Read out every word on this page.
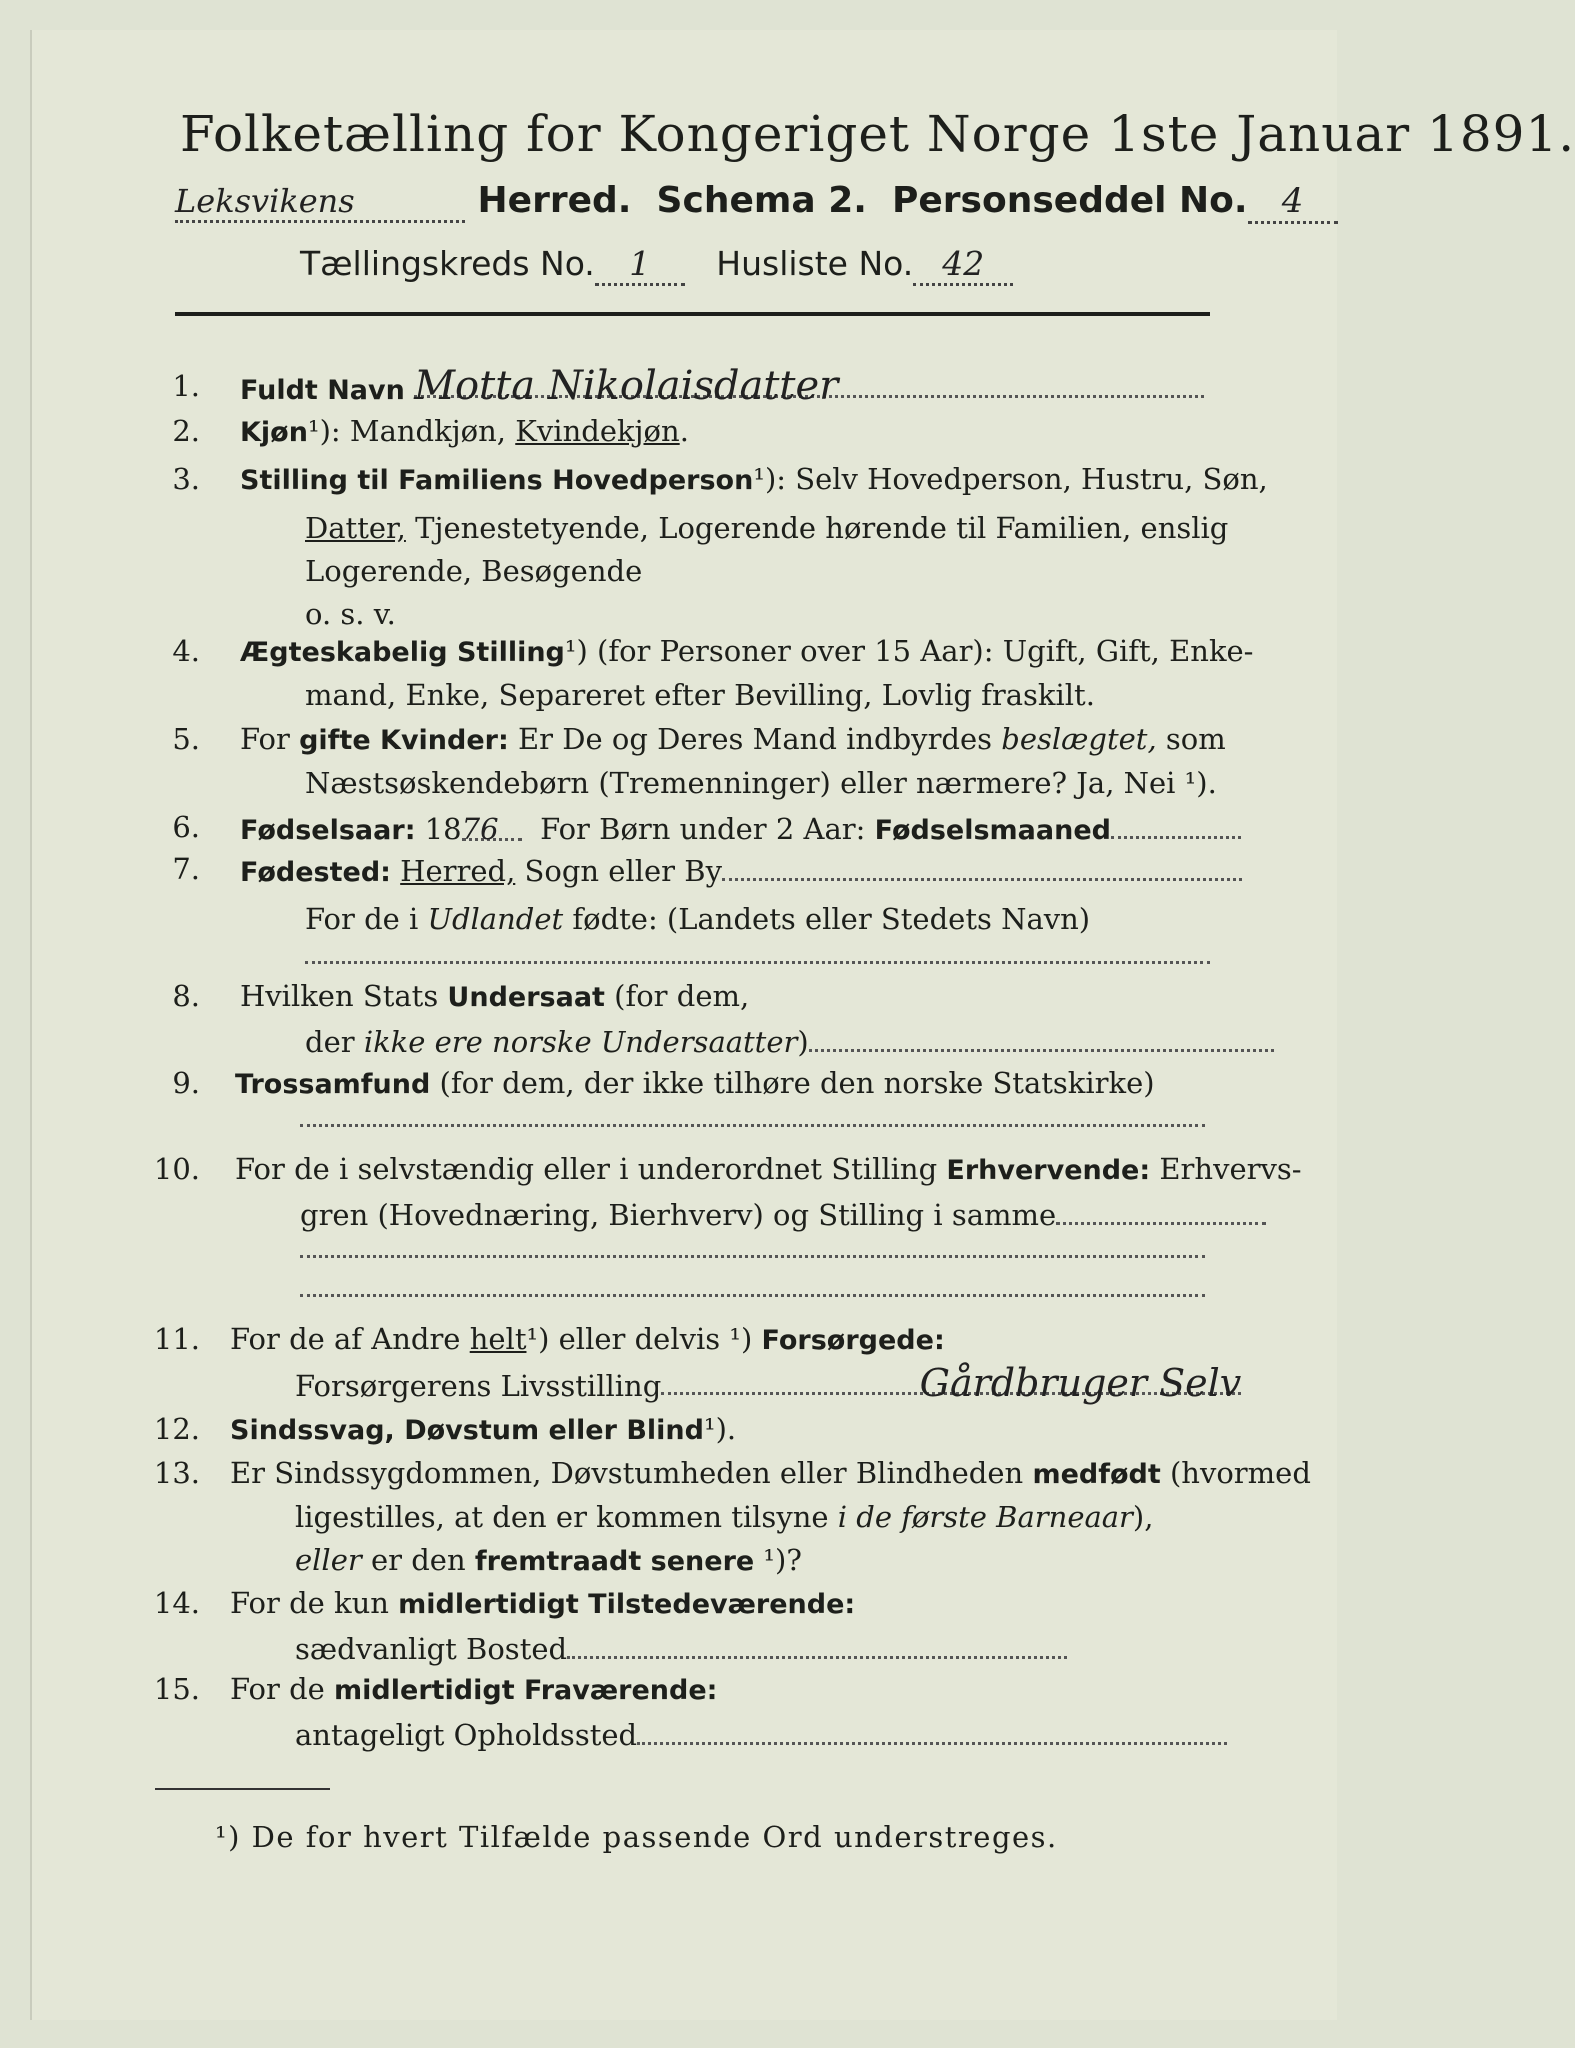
Folketælling for Kongeriget Norge 1ste Januar 1891.
Leksvikens	Herred. Schema 2. Personseddel No. 4
Tællingskreds No. 1 Husliste No. 42
1. Fuldt Navn Motta Nikolaisdatter
2. Kjøn¹): Mandkjøn, Kvindekjøn.
3. Stilling til Familiens Hovedperson¹): Selv Hovedperson, Hustru, Søn,
Datter, Tjenestetyende, Logerende hørende til Familien, enslig
Logerende, Besøgende
o. s. v.
4. Ægteskabelig Stilling¹) (for Personer over 15 Aar): Ugift, Gift, Enke-
mand, Enke, Separeret efter Bevilling, Lovlig fraskilt.
5. For gifte Kvinder: Er De og Deres Mand indbyrdes beslægtet, som
Næstsøskendebørn (Tremenninger) eller nærmere? Ja, Nei ¹).
6. Fødselsaar: 1876 For Børn under 2 Aar: Fødselsmaaned
7. Fødested: Herred, Sogn eller By
For de i Udlandet fødte: (Landets eller Stedets Navn)
8. Hvilken Stats Undersaat (for dem,
der ikke ere norske Undersaatter)
9. Trossamfund (for dem, der ikke tilhøre den norske Statskirke)
10. For de i selvstændig eller i underordnet Stilling Erhvervende: Erhvervs-
gren (Hovednæring, Bierhverv) og Stilling i samme
11. For de af Andre helt¹) eller delvis ¹) Forsørgede:
Forsørgerens Livsstilling	Gårdbruger Selv
12. Sindssvag, Døvstum eller Blind¹).
13. Er Sindssygdommen, Døvstumheden eller Blindheden medfødt (hvormed
ligestilles, at den er kommen tilsyne i de første Barneaar),
eller er den fremtraadt senere ¹)?
14. For de kun midlertidigt Tilstedeværende:
sædvanligt Bosted
15. For de midlertidigt Fraværende:
antageligt Opholdssted
¹) De for hvert Tilfælde passende Ord understreges.
